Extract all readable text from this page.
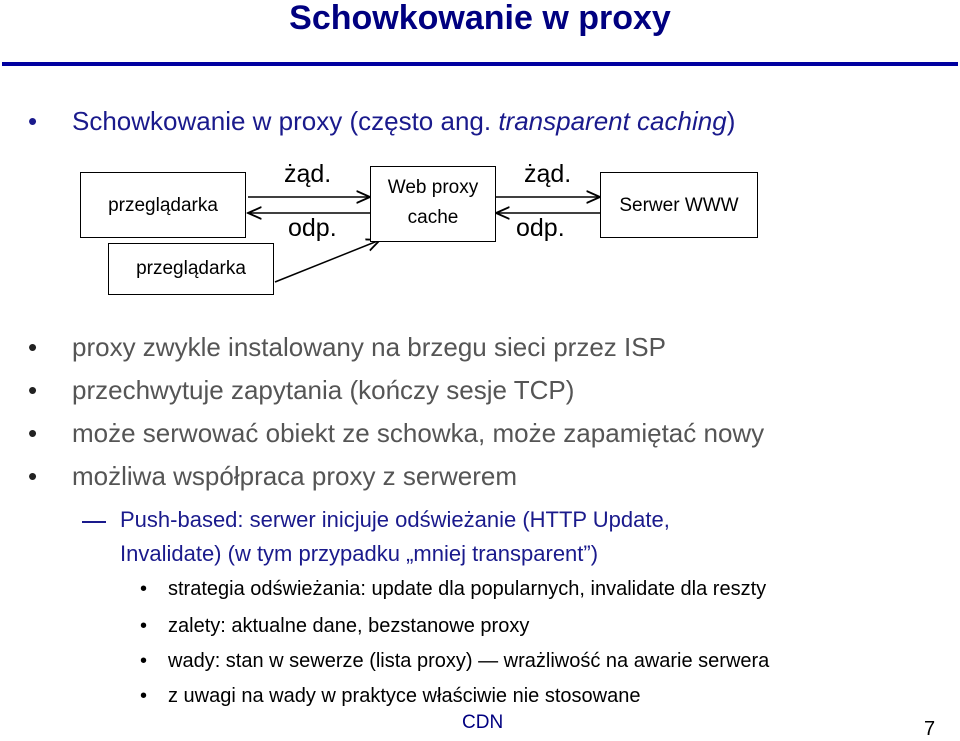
Schowkowanie w proxy
• Schowkowanie w proxy (często ang. transparent caching)
przeglądarka
przeglądarka
Web proxy
cache
Serwer WWW
żąd.
odp.
żąd.
odp.
• proxy zwykle instalowany na brzegu sieci przez ISP
• przechwytuje zapytania (kończy sesje TCP)
• może serwować obiekt ze schowka, może zapamiętać nowy
• możliwa współpraca proxy z serwerem
Push-based: serwer inicjuje odświeżanie (HTTP Update,
Invalidate) (w tym przypadku „mniej transparent”)
• strategia odświeżania: update dla popularnych, invalidate dla reszty
• zalety: aktualne dane, bezstanowe proxy
• wady: stan w sewerze (lista proxy) — wrażliwość na awarie serwera
• z uwagi na wady w praktyce właściwie nie stosowane
CDN	7
